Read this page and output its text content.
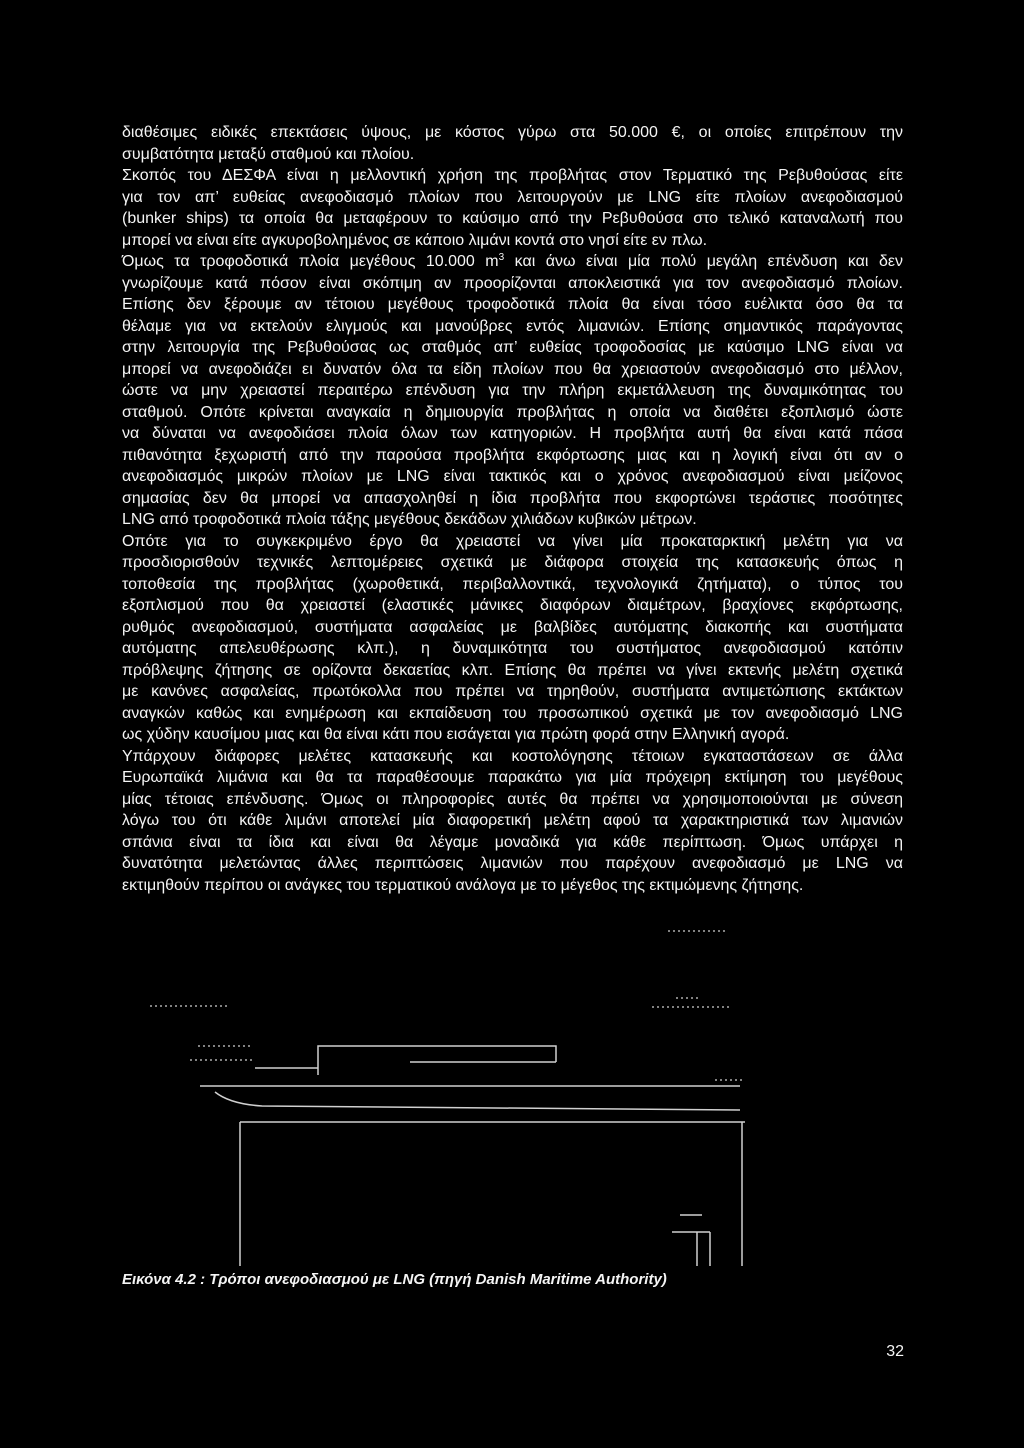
διαθέσιμες ειδικές επεκτάσεις ύψους, με κόστος γύρω στα 50.000 €, οι οποίες επιτρέπουν την
συμβατότητα μεταξύ σταθμού και πλοίου.
Σκοπός του ΔΕΣΦΑ είναι η μελλοντική χρήση της προβλήτας στον Τερματικό της Ρεβυθούσας είτε
για τον απ’ ευθείας ανεφοδιασμό πλοίων που λειτουργούν με LNG είτε πλοίων ανεφοδιασμού
(bunker ships) τα οποία θα μεταφέρουν το καύσιμο από την Ρεβυθούσα στο τελικό καταναλωτή που
μπορεί να είναι είτε αγκυροβολημένος σε κάποιο λιμάνι κοντά στο νησί είτε εν πλω.
Όμως τα τροφοδοτικά πλοία μεγέθους 10.000 $m^3$ και άνω είναι μία πολύ μεγάλη επένδυση και δεν
γνωρίζουμε κατά πόσον είναι σκόπιμη αν προορίζονται αποκλειστικά για τον ανεφοδιασμό πλοίων.
Επίσης δεν ξέρουμε αν τέτοιου μεγέθους τροφοδοτικά πλοία θα είναι τόσο ευέλικτα όσο θα τα
θέλαμε για να εκτελούν ελιγμούς και μανούβρες εντός λιμανιών. Επίσης σημαντικός παράγοντας
στην λειτουργία της Ρεβυθούσας ως σταθμός απ’ ευθείας τροφοδοσίας με καύσιμο LNG είναι να
μπορεί να ανεφοδιάζει ει δυνατόν όλα τα είδη πλοίων που θα χρειαστούν ανεφοδιασμό στο μέλλον,
ώστε να μην χρειαστεί περαιτέρω επένδυση για την πλήρη εκμετάλλευση της δυναμικότητας του
σταθμού. Οπότε κρίνεται αναγκαία η δημιουργία προβλήτας η οποία να διαθέτει εξοπλισμό ώστε
να δύναται να ανεφοδιάσει πλοία όλων των κατηγοριών. Η προβλήτα αυτή θα είναι κατά πάσα
πιθανότητα ξεχωριστή από την παρούσα προβλήτα εκφόρτωσης μιας και η λογική είναι ότι αν ο
ανεφοδιασμός μικρών πλοίων με LNG είναι τακτικός και ο χρόνος ανεφοδιασμού είναι μείζονος
σημασίας δεν θα μπορεί να απασχοληθεί η ίδια προβλήτα που εκφορτώνει τεράστιες ποσότητες
LNG από τροφοδοτικά πλοία τάξης μεγέθους δεκάδων χιλιάδων κυβικών μέτρων.
Οπότε για το συγκεκριμένο έργο θα χρειαστεί να γίνει μία προκαταρκτική μελέτη για να
προσδιορισθούν τεχνικές λεπτομέρειες σχετικά με διάφορα στοιχεία της κατασκευής όπως η
τοποθεσία της προβλήτας (χωροθετικά, περιβαλλοντικά, τεχνολογικά ζητήματα), ο τύπος του
εξοπλισμού που θα χρειαστεί (ελαστικές μάνικες διαφόρων διαμέτρων, βραχίονες εκφόρτωσης,
ρυθμός ανεφοδιασμού, συστήματα ασφαλείας με βαλβίδες αυτόματης διακοπής και συστήματα
αυτόματης απελευθέρωσης κλπ.), η δυναμικότητα του συστήματος ανεφοδιασμού κατόπιν
πρόβλεψης ζήτησης σε ορίζοντα δεκαετίας κλπ. Επίσης θα πρέπει να γίνει εκτενής μελέτη σχετικά
με κανόνες ασφαλείας, πρωτόκολλα που πρέπει να τηρηθούν, συστήματα αντιμετώπισης εκτάκτων
αναγκών καθώς και ενημέρωση και εκπαίδευση του προσωπικού σχετικά με τον ανεφοδιασμό LNG
ως χύδην καυσίμου μιας και θα είναι κάτι που εισάγεται για πρώτη φορά στην Ελληνική αγορά.
Υπάρχουν διάφορες μελέτες κατασκευής και κοστολόγησης τέτοιων εγκαταστάσεων σε άλλα
Ευρωπαϊκά λιμάνια και θα τα παραθέσουμε παρακάτω για μία πρόχειρη εκτίμηση του μεγέθους
μίας τέτοιας επένδυσης. Όμως οι πληροφορίες αυτές θα πρέπει να χρησιμοποιούνται με σύνεση
λόγω του ότι κάθε λιμάνι αποτελεί μία διαφορετική μελέτη αφού τα χαρακτηριστικά των λιμανιών
σπάνια είναι τα ίδια και είναι θα λέγαμε μοναδικά για κάθε περίπτωση. Όμως υπάρχει η
δυνατότητα μελετώντας άλλες περιπτώσεις λιμανιών που παρέχουν ανεφοδιασμό με LNG να
εκτιμηθούν περίπου οι ανάγκες του τερματικού ανάλογα με το μέγεθος της εκτιμώμενης ζήτησης.
Εικόνα 4.2 : Τρόποι ανεφοδιασμού με LNG (πηγή Danish Maritime Authority)
32
